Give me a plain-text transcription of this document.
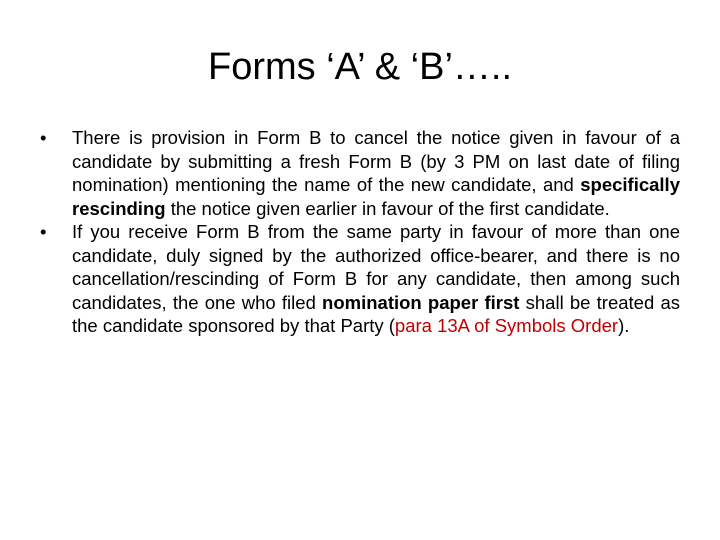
Forms ‘A’ & ‘B’…..
•	There is provision in Form B to cancel the notice given in favour of a candidate by submitting a fresh Form B (by 3 PM on last date of filing nomination) mentioning the name of the new candidate, and specifically rescinding the notice given earlier in favour of the first candidate.
•	If you receive Form B from the same party in favour of more than one candidate, duly signed by the authorized office-bearer, and there is no cancellation/rescinding of Form B for any candidate, then among such candidates, the one who filed nomination paper first shall be treated as the candidate sponsored by that Party (para 13A of Symbols Order).
